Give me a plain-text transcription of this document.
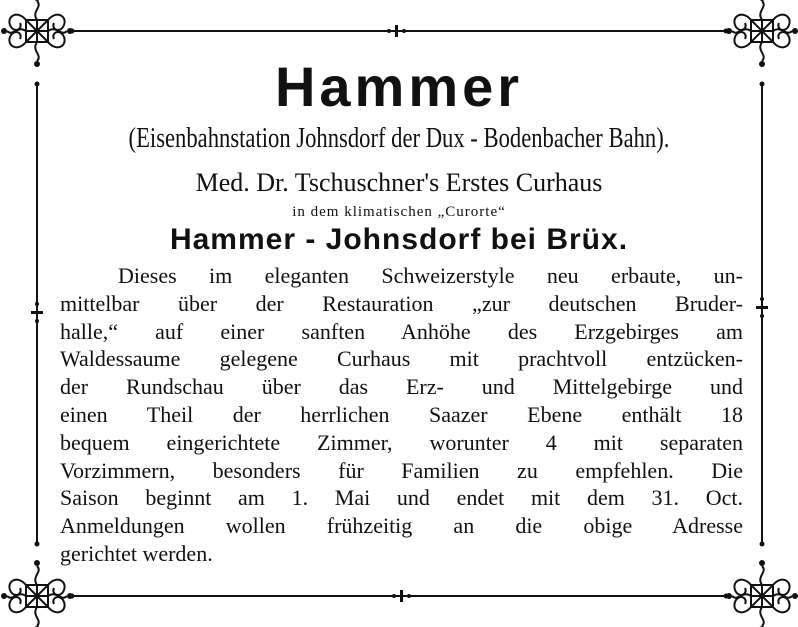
Hammer
(Eisenbahnstation Johnsdorf der Dux - Bodenbacher Bahn).
Med. Dr. Tschuschner's Erstes Curhaus
in dem klimatischen „Curorte“
Hammer - Johnsdorf bei Brüx.
Dieses im eleganten Schweizerstyle neu erbaute, un-
mittelbar über der Restauration „zur deutschen Bruder-
halle,“ auf einer sanften Anhöhe des Erzgebirges am
Waldessaume gelegene Curhaus mit prachtvoll entzücken-
der Rundschau über das Erz- und Mittelgebirge und
einen Theil der herrlichen Saazer Ebene enthält 18
bequem eingerichtete Zimmer, worunter 4 mit separaten
Vorzimmern, besonders für Familien zu empfehlen. Die
Saison beginnt am 1. Mai und endet mit dem 31. Oct.
Anmeldungen wollen frühzeitig an die obige Adresse
gerichtet werden.
